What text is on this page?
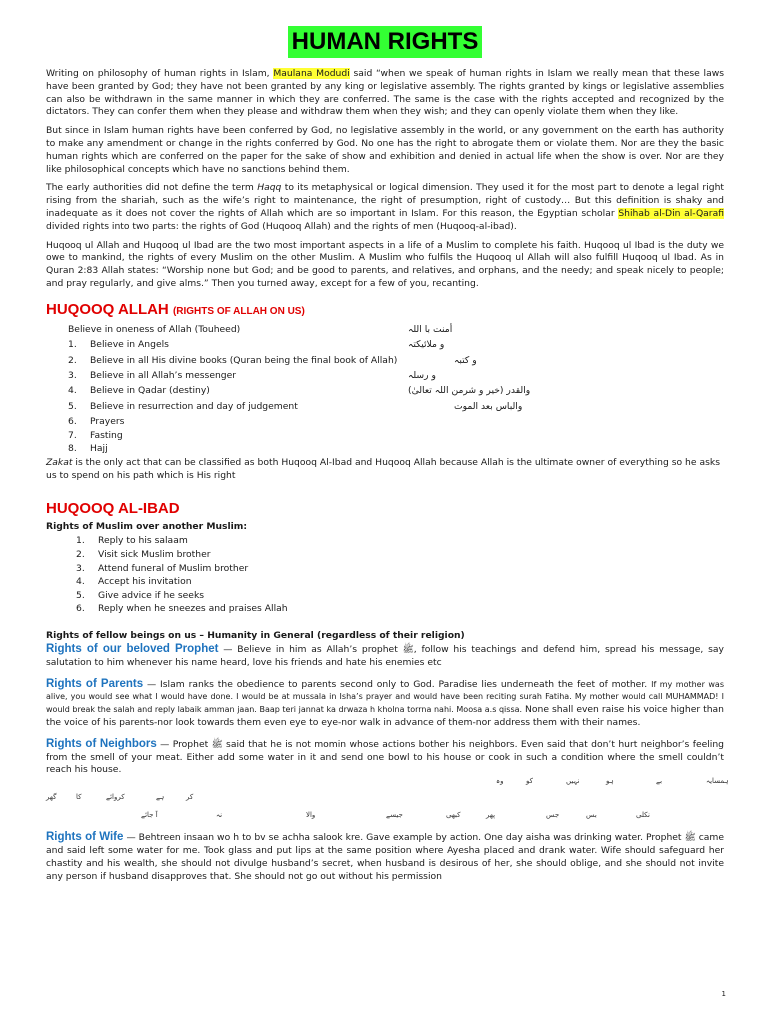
HUMAN RIGHTS

Writing on philosophy of human rights in Islam, Maulana Modudi said “when we speak of human rights in Islam we really mean that these laws have been granted by God; they have not been granted by any king or legislative assembly. The rights granted by kings or legislative assemblies can also be withdrawn in the same manner in which they are conferred. The same is the case with the rights accepted and recognized by the dictators. They can confer them when they please and withdraw them when they wish; and they can openly violate them when they like.

But since in Islam human rights have been conferred by God, no legislative assembly in the world, or any government on the earth has authority to make any amendment or change in the rights conferred by God. No one has the right to abrogate them or violate them. Nor are they the basic human rights which are conferred on the paper for the sake of show and exhibition and denied in actual life when the show is over. Nor are they like philosophical concepts which have no sanctions behind them.

The early authorities did not define the term Haqq to its metaphysical or logical dimension. They used it for the most part to denote a legal right rising from the shariah, such as the wife’s right to maintenance, the right of presumption, right of custody… But this definition is shaky and inadequate as it does not cover the rights of Allah which are so important in Islam. For this reason, the Egyptian scholar Shihab al-Din al-Qarafi divided rights into two parts: the rights of God (Huqooq Allah) and the rights of men (Huqooq-al-ibad).

Huqooq ul Allah and Huqooq ul Ibad are the two most important aspects in a life of a Muslim to complete his faith. Huqooq ul Ibad is the duty we owe to mankind, the rights of every Muslim on the other Muslim. A Muslim who fulfils the Huqooq ul Allah will also fulfill Huqooq ul Ibad. As in Quran 2:83 Allah states: “Worship none but God; and be good to parents, and relatives, and orphans, and the needy; and speak nicely to people; and pray regularly, and give alms.” Then you turned away, except for a few of you, recanting.

HUQOOQ ALLAH (RIGHTS OF ALLAH ON US)
Believe in oneness of Allah (Touheed)	أمنت با اللہ
1.	Believe in Angels	و ملائیکتہ
2.	Believe in all His divine books (Quran being the final book of Allah)	و کتبہ
3.	Believe in all Allah’s messenger	و رسلہ
4.	Believe in Qadar (destiny)	والقدر (خیر و شرمن اللہ تعالیٰ)
5.	Believe in resurrection and day of judgement	والباس بعد الموت
6.	Prayers
7.	Fasting
8.	Hajj

Zakat is the only act that can be classified as both Huqooq Al-Ibad and Huqooq Allah because Allah is the ultimate owner of everything so he asks us to spend on his path which is His right

HUQOOQ AL-IBAD
Rights of Muslim over another Muslim:
1. Reply to his salaam
2. Visit sick Muslim brother
3. Attend funeral of Muslim brother
4. Accept his invitation
5. Give advice if he seeks
6. Reply when he sneezes and praises Allah
Rights of fellow beings on us – Humanity in General (regardless of their religion)

Rights of our beloved Prophet — Believe in him as Allah’s prophet ﷺ, follow his teachings and defend him, spread his message, say salutation to him whenever his name heard, love his friends and hate his enemies etc

Rights of Parents — Islam ranks the obedience to parents second only to God. Paradise lies underneath the feet of mother. If my mother was alive, you would see what I would have done. I would be at mussala in Isha’s prayer and would have been reciting surah Fatiha. My mother would call MUHAMMAD! I would break the salah and reply labaik amman jaan. Baap teri jannat ka drwaza h kholna torrna nahi. Moosa a.s qissa. None shall even raise his voice higher than the voice of his parents-nor look towards them even eye to eye-nor walk in advance of them-nor address them with their names.

Rights of Neighbors — Prophet ﷺ said that he is not momin whose actions bother his neighbors. Even said that don’t hurt neighbor’s feeling from the smell of your meat. Either add some water in it and send one bowl to his house or cook in such a condition where the smell couldn’t reach his house.

ہمسایہ
کو	نہیں	ہو	بے
وہ
کا
گھر	کروائے
جس
ہے	کر
نکلی
بس
پھر
کبھی
جیسے
والا
نہ
آ جائے

Rights of Wife — Behtreen insaan wo h to bv se achha salook kre. Gave example by action. One day aisha was drinking water. Prophet ﷺ came and said left some water for me. Took glass and put lips at the same position where Ayesha placed and drank water. Wife should safeguard her chastity and his wealth, she should not divulge husband’s secret, when husband is desirous of her, she should oblige, and she should not invite any person if husband disapproves that. She should not go out without his permission

1
